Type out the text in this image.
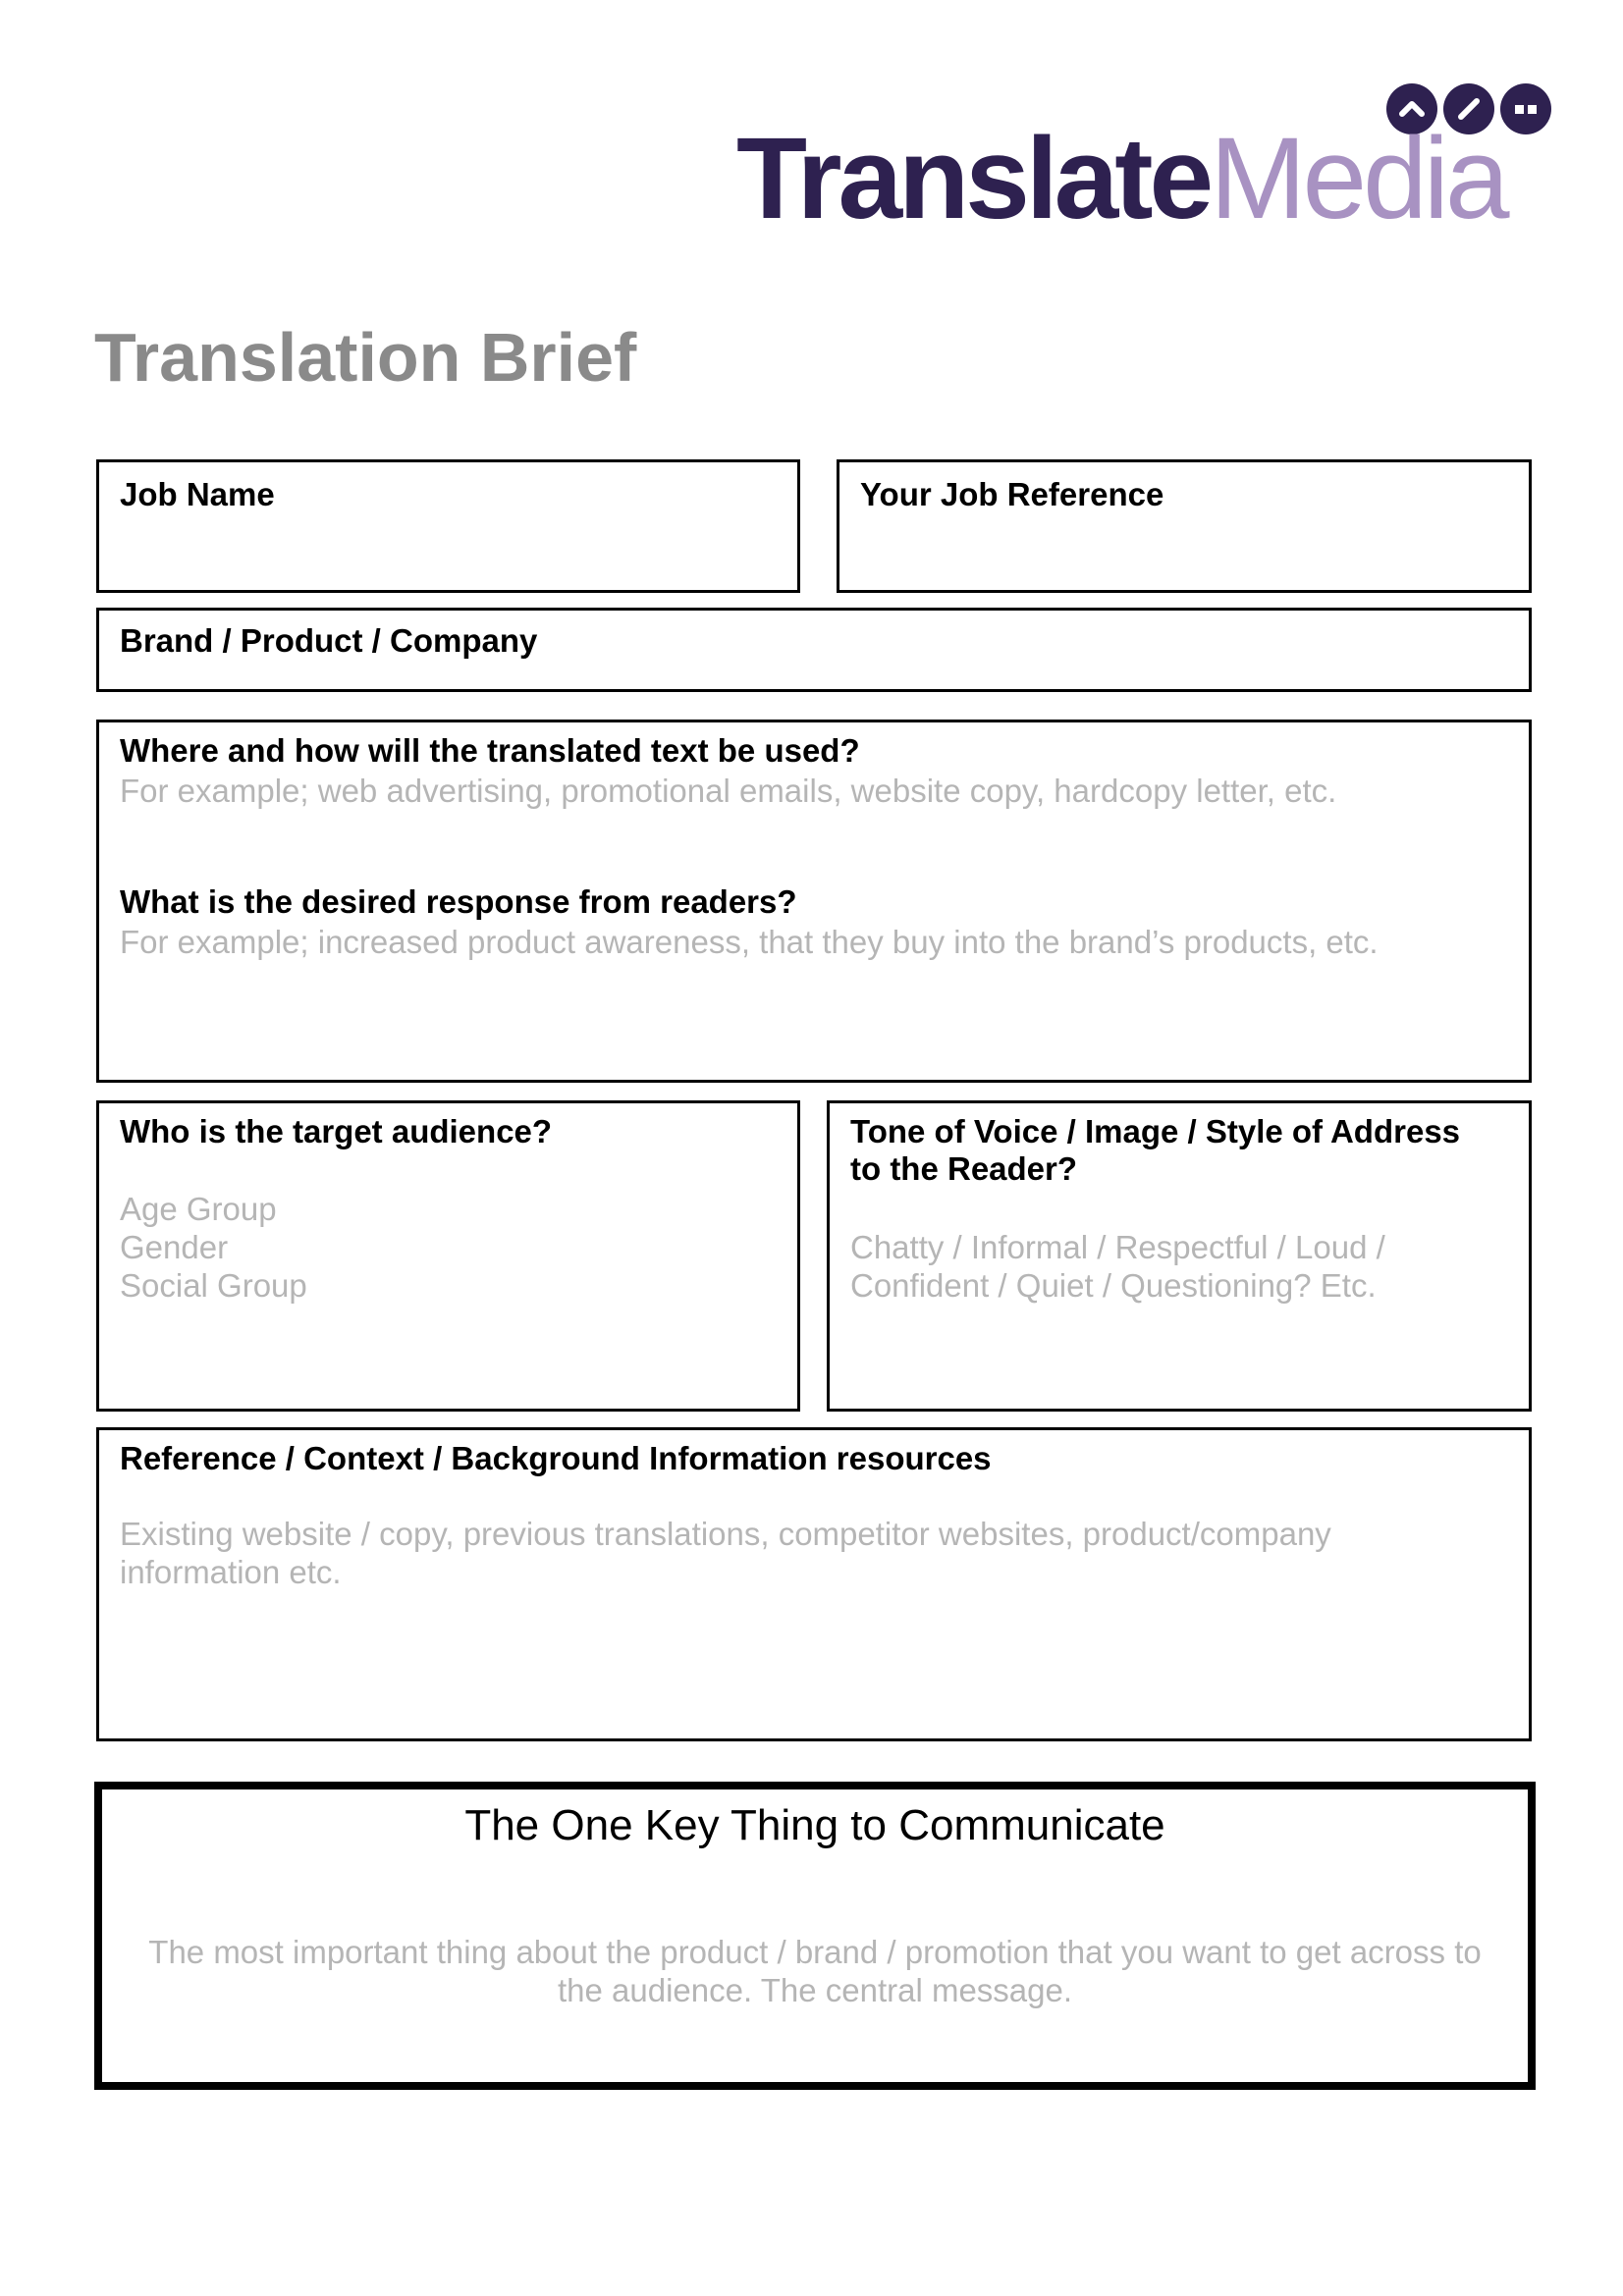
TranslateMedia
Translation Brief
Job Name	Your Job Reference
Brand / Product / Company
Where and how will the translated text be used?
For example; web advertising, promotional emails, website copy, hardcopy letter, etc.
What is the desired response from readers?
For example; increased product awareness, that they buy into the brand’s products, etc.
Who is the target audience?
Age Group
Gender
Social Group
Tone of Voice / Image / Style of Address
to the Reader?
Chatty / Informal / Respectful / Loud /
Confident / Quiet / Questioning? Etc.
Reference / Context / Background Information resources
Existing website / copy, previous translations, competitor websites, product/company
information etc.
The One Key Thing to Communicate
The most important thing about the product / brand / promotion that you want to get across to
the audience. The central message.
